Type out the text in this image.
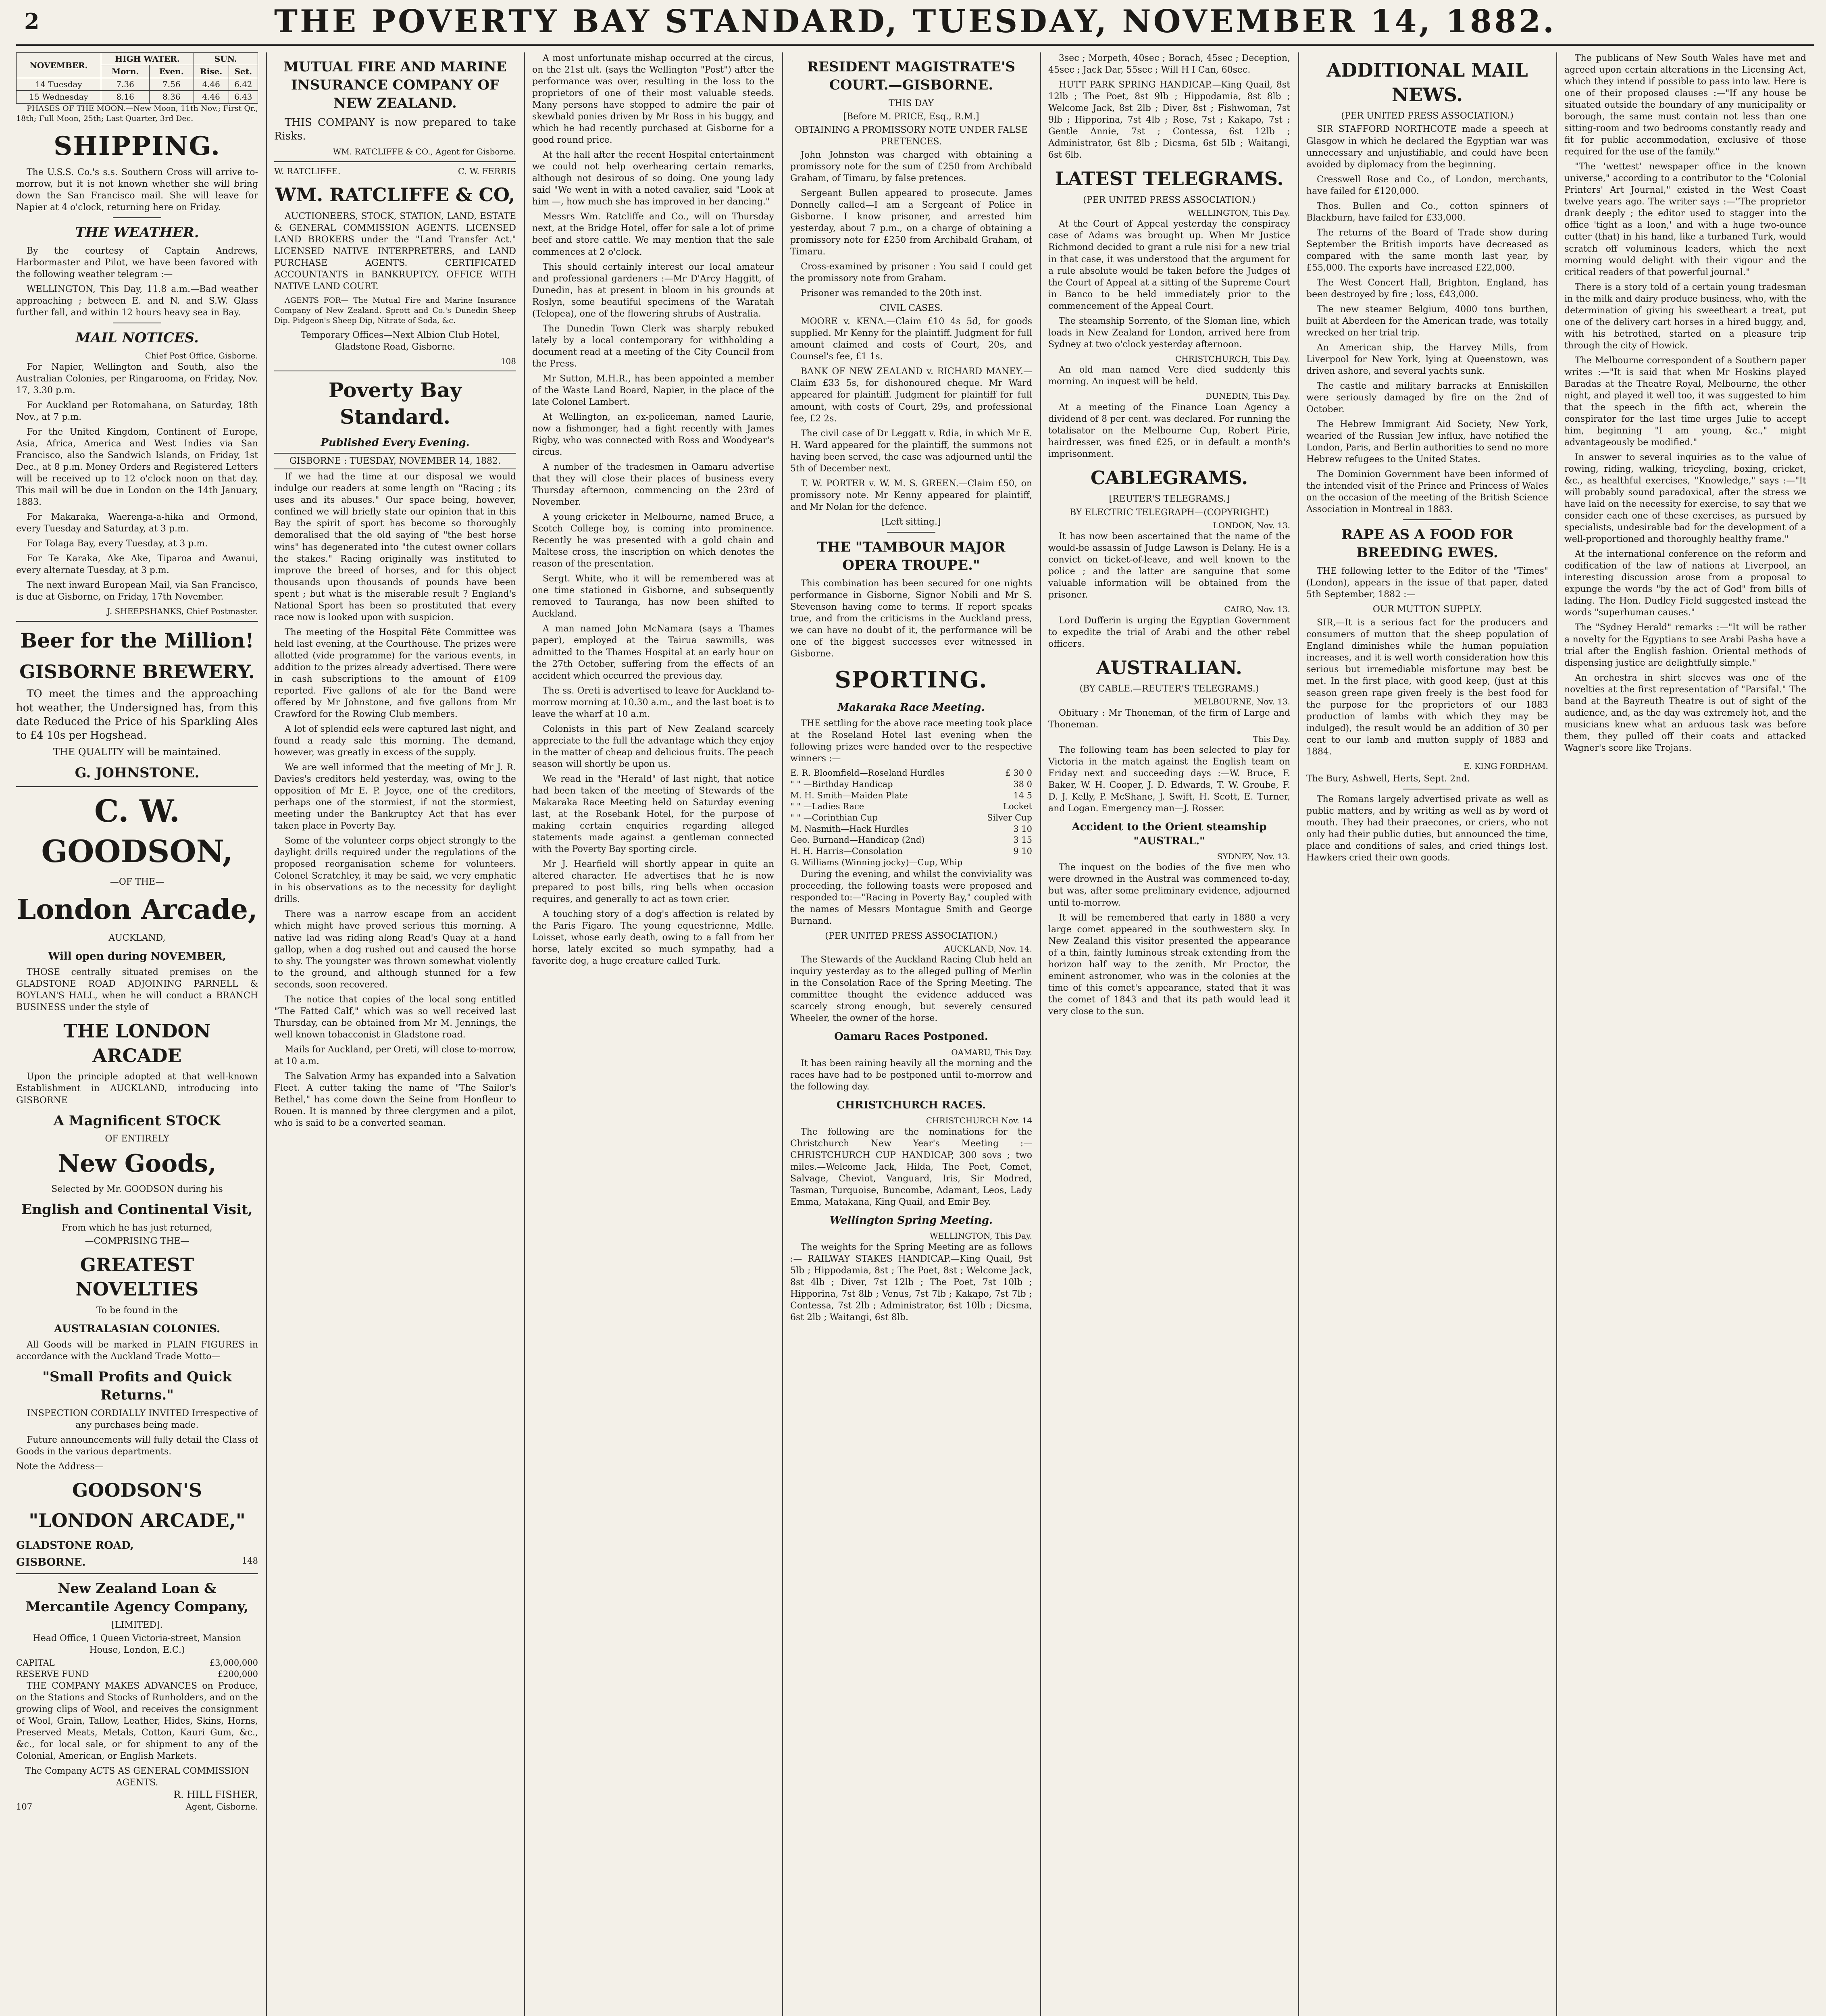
2	THE POVERTY BAY STANDARD, TUESDAY, NOVEMBER 14, 1882.
NOVEMBER.	HIGH WATER.		SUN.	
	Morn.	Even.	Rise.	Set.
14 Tuesday	7.36	7.56	4.46	6.42
15 Wednesday	8.16	8.36	4.46	6.43

PHASES OF THE MOON.—New Moon, 11th Nov.; First Qr., 18th; Full Moon, 25th; Last Quarter, 3rd Dec.

SHIPPING.

The U.S.S. Co.'s s.s. Southern Cross will arrive to-morrow, but it is not known whether she will bring down the San Francisco mail. She will leave for Napier at 4 o'clock, returning here on Friday.

THE WEATHER.

By the courtesy of Captain Andrews, Harbormaster and Pilot, we have been favored with the following weather telegram :—

WELLINGTON, This Day, 11.8 a.m.—Bad weather approaching ; between E. and N. and S.W. Glass further fall, and within 12 hours heavy sea in Bay.

MAIL NOTICES.
Chief Post Office, Gisborne.

For Napier, Wellington and South, also the Australian Colonies, per Ringarooma, on Friday, Nov. 17, 3.30 p.m.

For Auckland per Rotomahana, on Saturday, 18th Nov., at 7 p.m.

For the United Kingdom, Continent of Europe, Asia, Africa, America and West Indies via San Francisco, also the Sandwich Islands, on Friday, 1st Dec., at 8 p.m. Money Orders and Registered Letters will be received up to 12 o'clock noon on that day. This mail will be due in London on the 14th January, 1883.

For Makaraka, Waerenga-a-hika and Ormond, every Tuesday and Saturday, at 3 p.m.

For Tolaga Bay, every Tuesday, at 3 p.m.

For Te Karaka, Ake Ake, Tiparoa and Awanui, every alternate Tuesday, at 3 p.m.

The next inward European Mail, via San Francisco, is due at Gisborne, on Friday, 17th November.

J. SHEEPSHANKS, Chief Postmaster.
Beer for the Million!
GISBORNE BREWERY.

TO meet the times and the approaching hot weather, the Undersigned has, from this date Reduced the Price of his Sparkling Ales to £4 10s per Hogshead.

THE QUALITY will be maintained.
G. JOHNSTONE.
C. W. GOODSON,
—OF THE—
London Arcade,
AUCKLAND,
Will open during NOVEMBER,

THOSE centrally situated premises on the GLADSTONE ROAD ADJOINING PARNELL & BOYLAN'S HALL, when he will conduct a BRANCH BUSINESS under the style of

THE LONDON ARCADE

Upon the principle adopted at that well-known Establishment in AUCKLAND, introducing into GISBORNE

A Magnificent STOCK
OF ENTIRELY
New Goods,
Selected by Mr. GOODSON during his
English and Continental Visit,
From which he has just returned,
—COMPRISING THE—
GREATEST NOVELTIES
To be found in the
AUSTRALASIAN COLONIES.

All Goods will be marked in PLAIN FIGURES in accordance with the Auckland Trade Motto—

"Small Profits and Quick Returns."

INSPECTION CORDIALLY INVITED Irrespective of any purchases being made.

Future announcements will fully detail the Class of Goods in the various departments.

Note the Address—
GOODSON'S
"LONDON ARCADE,"
GLADSTONE ROAD,
GISBORNE.	148
New Zealand Loan & Mercantile Agency Company,
[LIMITED].
Head Office, 1 Queen Victoria-street, Mansion House, London, E.C.)
CAPITAL	£3,000,000
RESERVE FUND	£200,000

THE COMPANY MAKES ADVANCES on Produce, on the Stations and Stocks of Runholders, and on the growing clips of Wool, and receives the consignment of Wool, Grain, Tallow, Leather, Hides, Skins, Horns, Preserved Meats, Metals, Cotton, Kauri Gum, &c., &c., for local sale, or for shipment to any of the Colonial, American, or English Markets.

The Company ACTS AS GENERAL COMMISSION AGENTS.
R. HILL FISHER,
107	Agent, Gisborne.
MUTUAL FIRE AND MARINE INSURANCE COMPANY OF NEW ZEALAND.

THIS COMPANY is now prepared to take Risks.

WM. RATCLIFFE & CO., Agent for Gisborne.
W. RATCLIFFE.	C. W. FERRIS
WM. RATCLIFFE & CO,

AUCTIONEERS, STOCK, STATION, LAND, ESTATE & GENERAL COMMISSION AGENTS. LICENSED LAND BROKERS under the "Land Transfer Act." LICENSED NATIVE INTERPRETERS, and LAND PURCHASE AGENTS. CERTIFICATED ACCOUNTANTS in BANKRUPTCY. OFFICE WITH NATIVE LAND COURT.

AGENTS FOR— The Mutual Fire and Marine Insurance Company of New Zealand. Sprott and Co.'s Dunedin Sheep Dip. Pidgeon's Sheep Dip, Nitrate of Soda, &c.

Temporary Offices—Next Albion Club Hotel, Gladstone Road, Gisborne.

108
Poverty Bay Standard.
Published Every Evening.
GISBORNE : TUESDAY, NOVEMBER 14, 1882.

If we had the time at our disposal we would indulge our readers at some length on "Racing ; its uses and its abuses." Our space being, however, confined we will briefly state our opinion that in this Bay the spirit of sport has become so thoroughly demoralised that the old saying of "the best horse wins" has degenerated into "the cutest owner collars the stakes." Racing originally was instituted to improve the breed of horses, and for this object thousands upon thousands of pounds have been spent ; but what is the miserable result ? England's National Sport has been so prostituted that every race now is looked upon with suspicion.

The meeting of the Hospital Fête Committee was held last evening, at the Courthouse. The prizes were allotted (vide programme) for the various events, in addition to the prizes already advertised. There were in cash subscriptions to the amount of £109 reported. Five gallons of ale for the Band were offered by Mr Johnstone, and five gallons from Mr Crawford for the Rowing Club members.

A lot of splendid eels were captured last night, and found a ready sale this morning. The demand, however, was greatly in excess of the supply.

We are well informed that the meeting of Mr J. R. Davies's creditors held yesterday, was, owing to the opposition of Mr E. P. Joyce, one of the creditors, perhaps one of the stormiest, if not the stormiest, meeting under the Bankruptcy Act that has ever taken place in Poverty Bay.

Some of the volunteer corps object strongly to the daylight drills required under the regulations of the proposed reorganisation scheme for volunteers. Colonel Scratchley, it may be said, we very emphatic in his observations as to the necessity for daylight drills.

There was a narrow escape from an accident which might have proved serious this morning. A native lad was riding along Read's Quay at a hand gallop, when a dog rushed out and caused the horse to shy. The youngster was thrown somewhat violently to the ground, and although stunned for a few seconds, soon recovered.

The notice that copies of the local song entitled "The Fatted Calf," which was so well received last Thursday, can be obtained from Mr M. Jennings, the well known tobacconist in Gladstone road.

Mails for Auckland, per Oreti, will close to-morrow, at 10 a.m.

The Salvation Army has expanded into a Salvation Fleet. A cutter taking the name of "The Sailor's Bethel," has come down the Seine from Honfleur to Rouen. It is manned by three clergymen and a pilot, who is said to be a converted seaman.

A most unfortunate mishap occurred at the circus, on the 21st ult. (says the Wellington "Post") after the performance was over, resulting in the loss to the proprietors of one of their most valuable steeds. Many persons have stopped to admire the pair of skewbald ponies driven by Mr Ross in his buggy, and which he had recently purchased at Gisborne for a good round price.

At the hall after the recent Hospital entertainment we could not help overhearing certain remarks, although not desirous of so doing. One young lady said "We went in with a noted cavalier, said "Look at him —, how much she has improved in her dancing."

Messrs Wm. Ratcliffe and Co., will on Thursday next, at the Bridge Hotel, offer for sale a lot of prime beef and store cattle. We may mention that the sale commences at 2 o'clock.

This should certainly interest our local amateur and professional gardeners :—Mr D'Arcy Haggitt, of Dunedin, has at present in bloom in his grounds at Roslyn, some beautiful specimens of the Waratah (Telopea), one of the flowering shrubs of Australia.

The Dunedin Town Clerk was sharply rebuked lately by a local contemporary for withholding a document read at a meeting of the City Council from the Press.

Mr Sutton, M.H.R., has been appointed a member of the Waste Land Board, Napier, in the place of the late Colonel Lambert.

At Wellington, an ex-policeman, named Laurie, now a fishmonger, had a fight recently with James Rigby, who was connected with Ross and Woodyear's circus.

A number of the tradesmen in Oamaru advertise that they will close their places of business every Thursday afternoon, commencing on the 23rd of November.

A young cricketer in Melbourne, named Bruce, a Scotch College boy, is coming into prominence. Recently he was presented with a gold chain and Maltese cross, the inscription on which denotes the reason of the presentation.

Sergt. White, who it will be remembered was at one time stationed in Gisborne, and subsequently removed to Tauranga, has now been shifted to Auckland.

A man named John McNamara (says a Thames paper), employed at the Tairua sawmills, was admitted to the Thames Hospital at an early hour on the 27th October, suffering from the effects of an accident which occurred the previous day.

The ss. Oreti is advertised to leave for Auckland to-morrow morning at 10.30 a.m., and the last boat is to leave the wharf at 10 a.m.

Colonists in this part of New Zealand scarcely appreciate to the full the advantage which they enjoy in the matter of cheap and delicious fruits. The peach season will shortly be upon us.

We read in the "Herald" of last night, that notice had been taken of the meeting of Stewards of the Makaraka Race Meeting held on Saturday evening last, at the Rosebank Hotel, for the purpose of making certain enquiries regarding alleged statements made against a gentleman connected with the Poverty Bay sporting circle.

Mr J. Hearfield will shortly appear in quite an altered character. He advertises that he is now prepared to post bills, ring bells when occasion requires, and generally to act as town crier.

A touching story of a dog's affection is related by the Paris Figaro. The young equestrienne, Mdlle. Loisset, whose early death, owing to a fall from her horse, lately excited so much sympathy, had a favorite dog, a huge creature called Turk.

RESIDENT MAGISTRATE'S COURT.—GISBORNE.
THIS DAY
[Before M. PRICE, Esq., R.M.]
OBTAINING A PROMISSORY NOTE UNDER FALSE PRETENCES.

John Johnston was charged with obtaining a promissory note for the sum of £250 from Archibald Graham, of Timaru, by false pretences.

Sergeant Bullen appeared to prosecute. James Donnelly called—I am a Sergeant of Police in Gisborne. I know prisoner, and arrested him yesterday, about 7 p.m., on a charge of obtaining a promissory note for £250 from Archibald Graham, of Timaru.

Cross-examined by prisoner : You said I could get the promissory note from Graham.

Prisoner was remanded to the 20th inst.

CIVIL CASES.

MOORE v. KENA.—Claim £10 4s 5d, for goods supplied. Mr Kenny for the plaintiff. Judgment for full amount claimed and costs of Court, 20s, and Counsel's fee, £1 1s.

BANK OF NEW ZEALAND v. RICHARD MANEY.—Claim £33 5s, for dishonoured cheque. Mr Ward appeared for plaintiff. Judgment for plaintiff for full amount, with costs of Court, 29s, and professional fee, £2 2s.

The civil case of Dr Leggatt v. Rdia, in which Mr E. H. Ward appeared for the plaintiff, the summons not having been served, the case was adjourned until the 5th of December next.

T. W. PORTER v. W. M. S. GREEN.—Claim £50, on promissory note. Mr Kenny appeared for plaintiff, and Mr Nolan for the defence.

[Left sitting.]
THE "TAMBOUR MAJOR OPERA TROUPE."

This combination has been secured for one nights performance in Gisborne, Signor Nobili and Mr S. Stevenson having come to terms. If report speaks true, and from the criticisms in the Auckland press, we can have no doubt of it, the performance will be one of the biggest successes ever witnessed in Gisborne.

SPORTING.
Makaraka Race Meeting.

THE settling for the above race meeting took place at the Roseland Hotel last evening when the following prizes were handed over to the respective winners :—

E. R. Bloomfield—Roseland Hurdles	£ 30 0
" " —Birthday Handicap	38 0
M. H. Smith—Maiden Plate	14 5
" " —Ladies Race	Locket
" " —Corinthian Cup	Silver Cup
M. Nasmith—Hack Hurdles	3 10
Geo. Burnand—Handicap (2nd)	3 15
H. H. Harris—Consolation	9 10
G. Williams (Winning jocky)—Cup, Whip

During the evening, and whilst the conviviality was proceeding, the following toasts were proposed and responded to:—"Racing in Poverty Bay," coupled with the names of Messrs Montague Smith and George Burnand.

(PER UNITED PRESS ASSOCIATION.)
AUCKLAND, Nov. 14.

The Stewards of the Auckland Racing Club held an inquiry yesterday as to the alleged pulling of Merlin in the Consolation Race of the Spring Meeting. The committee thought the evidence adduced was scarcely strong enough, but severely censured Wheeler, the owner of the horse.

Oamaru Races Postponed.
OAMARU, This Day.

It has been raining heavily all the morning and the races have had to be postponed until to-morrow and the following day.

CHRISTCHURCH RACES.
CHRISTCHURCH Nov. 14

The following are the nominations for the Christchurch New Year's Meeting :— CHRISTCHURCH CUP HANDICAP, 300 sovs ; two miles.—Welcome Jack, Hilda, The Poet, Comet, Salvage, Cheviot, Vanguard, Iris, Sir Modred, Tasman, Turquoise, Buncombe, Adamant, Leos, Lady Emma, Matakana, King Quail, and Emir Bey.

Wellington Spring Meeting.
WELLINGTON, This Day.

The weights for the Spring Meeting are as follows :— RAILWAY STAKES HANDICAP.—King Quail, 9st 5lb ; Hippodamia, 8st ; The Poet, 8st ; Welcome Jack, 8st 4lb ; Diver, 7st 12lb ; The Poet, 7st 10lb ; Hipporina, 7st 8lb ; Venus, 7st 7lb ; Kakapo, 7st 7lb ; Contessa, 7st 2lb ; Administrator, 6st 10lb ; Dicsma, 6st 2lb ; Waitangi, 6st 8lb.

3sec ; Morpeth, 40sec ; Borach, 45sec ; Deception, 45sec ; Jack Dar, 55sec ; Will H I Can, 60sec.

HUTT PARK SPRING HANDICAP.—King Quail, 8st 12lb ; The Poet, 8st 9lb ; Hippodamia, 8st 8lb ; Welcome Jack, 8st 2lb ; Diver, 8st ; Fishwoman, 7st 9lb ; Hipporina, 7st 4lb ; Rose, 7st ; Kakapo, 7st ; Gentle Annie, 7st ; Contessa, 6st 12lb ; Administrator, 6st 8lb ; Dicsma, 6st 5lb ; Waitangi, 6st 6lb.

LATEST TELEGRAMS.
(PER UNITED PRESS ASSOCIATION.)
WELLINGTON, This Day.

At the Court of Appeal yesterday the conspiracy case of Adams was brought up. When Mr Justice Richmond decided to grant a rule nisi for a new trial in that case, it was understood that the argument for a rule absolute would be taken before the Judges of the Court of Appeal at a sitting of the Supreme Court in Banco to be held immediately prior to the commencement of the Appeal Court.

The steamship Sorrento, of the Sloman line, which loads in New Zealand for London, arrived here from Sydney at two o'clock yesterday afternoon.

CHRISTCHURCH, This Day.

An old man named Vere died suddenly this morning. An inquest will be held.

DUNEDIN, This Day.

At a meeting of the Finance Loan Agency a dividend of 8 per cent. was declared. For running the totalisator on the Melbourne Cup, Robert Pirie, hairdresser, was fined £25, or in default a month's imprisonment.

CABLEGRAMS.
[REUTER'S TELEGRAMS.]
BY ELECTRIC TELEGRAPH—(COPYRIGHT.)
LONDON, Nov. 13.

It has now been ascertained that the name of the would-be assassin of Judge Lawson is Delany. He is a convict on ticket-of-leave, and well known to the police ; and the latter are sanguine that some valuable information will be obtained from the prisoner.

CAIRO, Nov. 13.

Lord Dufferin is urging the Egyptian Government to expedite the trial of Arabi and the other rebel officers.

AUSTRALIAN.
(BY CABLE.—REUTER'S TELEGRAMS.)
MELBOURNE, Nov. 13.

Obituary : Mr Thoneman, of the firm of Large and Thoneman.

This Day.

The following team has been selected to play for Victoria in the match against the English team on Friday next and succeeding days :—W. Bruce, F. Baker, W. H. Cooper, J. D. Edwards, T. W. Groube, F. D. J. Kelly, P. McShane, J. Swift, H. Scott, E. Turner, and Logan. Emergency man—J. Rosser.

Accident to the Orient steamship "AUSTRAL."
SYDNEY, Nov. 13.

The inquest on the bodies of the five men who were drowned in the Austral was commenced to-day, but was, after some preliminary evidence, adjourned until to-morrow.

It will be remembered that early in 1880 a very large comet appeared in the southwestern sky. In New Zealand this visitor presented the appearance of a thin, faintly luminous streak extending from the horizon half way to the zenith. Mr Proctor, the eminent astronomer, who was in the colonies at the time of this comet's appearance, stated that it was the comet of 1843 and that its path would lead it very close to the sun.

ADDITIONAL MAIL NEWS.
(PER UNITED PRESS ASSOCIATION.)

SIR STAFFORD NORTHCOTE made a speech at Glasgow in which he declared the Egyptian war was unnecessary and unjustifiable, and could have been avoided by diplomacy from the beginning.

Cresswell Rose and Co., of London, merchants, have failed for £120,000.

Thos. Bullen and Co., cotton spinners of Blackburn, have failed for £33,000.

The returns of the Board of Trade show during September the British imports have decreased as compared with the same month last year, by £55,000. The exports have increased £22,000.

The West Concert Hall, Brighton, England, has been destroyed by fire ; loss, £43,000.

The new steamer Belgium, 4000 tons burthen, built at Aberdeen for the American trade, was totally wrecked on her trial trip.

An American ship, the Harvey Mills, from Liverpool for New York, lying at Queenstown, was driven ashore, and several yachts sunk.

The castle and military barracks at Enniskillen were seriously damaged by fire on the 2nd of October.

The Hebrew Immigrant Aid Society, New York, wearied of the Russian Jew influx, have notified the London, Paris, and Berlin authorities to send no more Hebrew refugees to the United States.

The Dominion Government have been informed of the intended visit of the Prince and Princess of Wales on the occasion of the meeting of the British Science Association in Montreal in 1883.

RAPE AS A FOOD FOR BREEDING EWES.

THE following letter to the Editor of the "Times" (London), appears in the issue of that paper, dated 5th September, 1882 :—

OUR MUTTON SUPPLY.

SIR,—It is a serious fact for the producers and consumers of mutton that the sheep population of England diminishes while the human population increases, and it is well worth consideration how this serious but irremediable misfortune may best be met. In the first place, with good keep, (just at this season green rape given freely is the best food for the purpose for the proprietors of our 1883 production of lambs with which they may be indulged), the result would be an addition of 30 per cent to our lamb and mutton supply of 1883 and 1884.

E. KING FORDHAM.
The Bury, Ashwell, Herts, Sept. 2nd.

The Romans largely advertised private as well as public matters, and by writing as well as by word of mouth. They had their praecones, or criers, who not only had their public duties, but announced the time, place and conditions of sales, and cried things lost. Hawkers cried their own goods.

The publicans of New South Wales have met and agreed upon certain alterations in the Licensing Act, which they intend if possible to pass into law. Here is one of their proposed clauses :—"If any house be situated outside the boundary of any municipality or borough, the same must contain not less than one sitting-room and two bedrooms constantly ready and fit for public accommodation, exclusive of those required for the use of the family."

"The 'wettest' newspaper office in the known universe," according to a contributor to the "Colonial Printers' Art Journal," existed in the West Coast twelve years ago. The writer says :—"The proprietor drank deeply ; the editor used to stagger into the office 'tight as a loon,' and with a huge two-ounce cutter (that) in his hand, like a turbaned Turk, would scratch off voluminous leaders, which the next morning would delight with their vigour and the critical readers of that powerful journal."

There is a story told of a certain young tradesman in the milk and dairy produce business, who, with the determination of giving his sweetheart a treat, put one of the delivery cart horses in a hired buggy, and, with his betrothed, started on a pleasure trip through the city of Howick.

The Melbourne correspondent of a Southern paper writes :—"It is said that when Mr Hoskins played Baradas at the Theatre Royal, Melbourne, the other night, and played it well too, it was suggested to him that the speech in the fifth act, wherein the conspirator for the last time urges Julie to accept him, beginning "I am young, &c.," might advantageously be modified."

In answer to several inquiries as to the value of rowing, riding, walking, tricycling, boxing, cricket, &c., as healthful exercises, "Knowledge," says :—"It will probably sound paradoxical, after the stress we have laid on the necessity for exercise, to say that we consider each one of these exercises, as pursued by specialists, undesirable bad for the development of a well-proportioned and thoroughly healthy frame."

At the international conference on the reform and codification of the law of nations at Liverpool, an interesting discussion arose from a proposal to expunge the words "by the act of God" from bills of lading. The Hon. Dudley Field suggested instead the words "superhuman causes."

The "Sydney Herald" remarks :—"It will be rather a novelty for the Egyptians to see Arabi Pasha have a trial after the English fashion. Oriental methods of dispensing justice are delightfully simple."

An orchestra in shirt sleeves was one of the novelties at the first representation of "Parsifal." The band at the Bayreuth Theatre is out of sight of the audience, and, as the day was extremely hot, and the musicians knew what an arduous task was before them, they pulled off their coats and attacked Wagner's score like Trojans.
